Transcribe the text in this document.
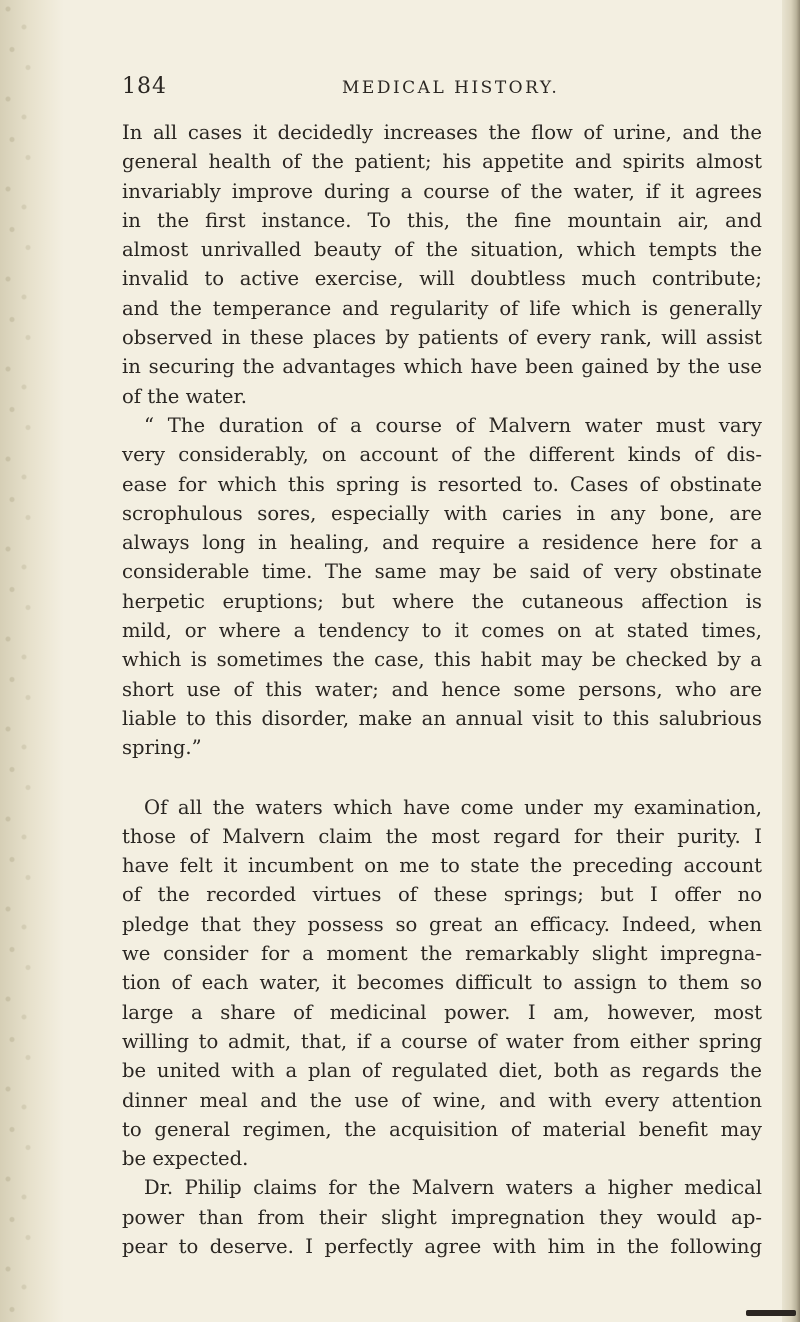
184	MEDICAL HISTORY.
In all cases it decidedly increases the flow of urine, and the
general health of the patient; his appetite and spirits almost
invariably improve during a course of the water, if it agrees
in the first instance. To this, the fine mountain air, and
almost unrivalled beauty of the situation, which tempts the
invalid to active exercise, will doubtless much contribute;
and the temperance and regularity of life which is generally
observed in these places by patients of every rank, will assist
in securing the advantages which have been gained by the use
of the water.
“ The duration of a course of Malvern water must vary
very considerably, on account of the different kinds of dis-
ease for which this spring is resorted to. Cases of obstinate
scrophulous sores, especially with caries in any bone, are
always long in healing, and require a residence here for a
considerable time. The same may be said of very obstinate
herpetic eruptions; but where the cutaneous affection is
mild, or where a tendency to it comes on at stated times,
which is sometimes the case, this habit may be checked by a
short use of this water; and hence some persons, who are
liable to this disorder, make an annual visit to this salubrious
spring.”
Of all the waters which have come under my examination,
those of Malvern claim the most regard for their purity. I
have felt it incumbent on me to state the preceding account
of the recorded virtues of these springs; but I offer no
pledge that they possess so great an efficacy. Indeed, when
we consider for a moment the remarkably slight impregna-
tion of each water, it becomes difficult to assign to them so
large a share of medicinal power. I am, however, most
willing to admit, that, if a course of water from either spring
be united with a plan of regulated diet, both as regards the
dinner meal and the use of wine, and with every attention
to general regimen, the acquisition of material benefit may
be expected.
Dr. Philip claims for the Malvern waters a higher medical
power than from their slight impregnation they would ap-
pear to deserve. I perfectly agree with him in the following
